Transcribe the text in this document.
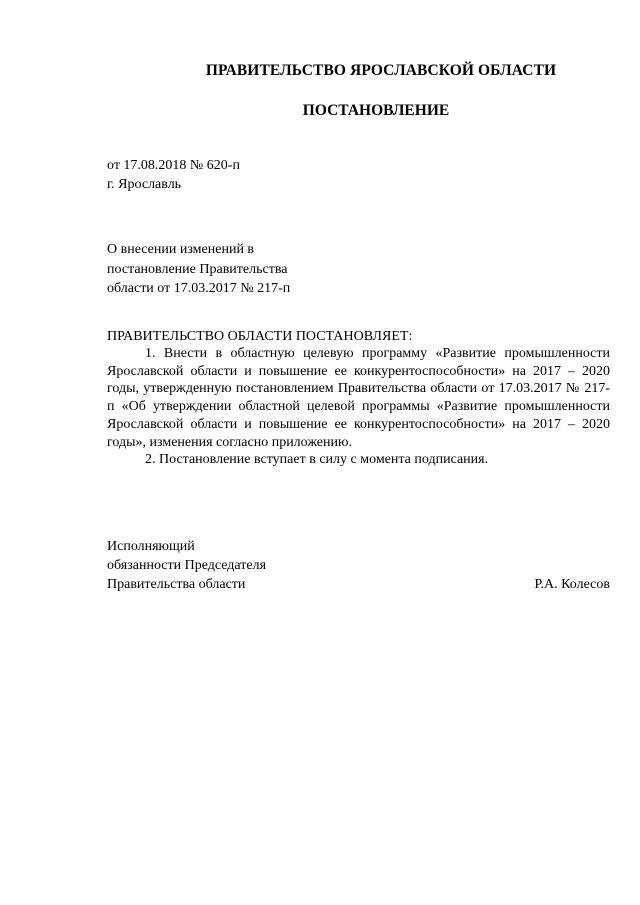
ПРАВИТЕЛЬСТВО ЯРОСЛАВСКОЙ ОБЛАСТИ
ПОСТАНОВЛЕНИЕ
от 17.08.2018 № 620-п
г. Ярославль
О внесении изменений в
постановление Правительства
области от 17.03.2017 № 217-п
ПРАВИТЕЛЬСТВО ОБЛАСТИ ПОСТАНОВЛЯЕТ:

1. Внести в областную целевую программу «Развитие промышленности Ярославской области и повышение ее конкурентоспособности» на 2017 – 2020 годы, утвержденную постановлением Правительства области от 17.03.2017 № 217-п «Об утверждении областной целевой программы «Развитие промышленности Ярославской области и повышение ее конкурентоспособности» на 2017 – 2020 годы», изменения согласно приложению.

2. Постановление вступает в силу с момента подписания.

Исполняющий
обязанности Председателя
Правительства области	Р.А. Колесов
